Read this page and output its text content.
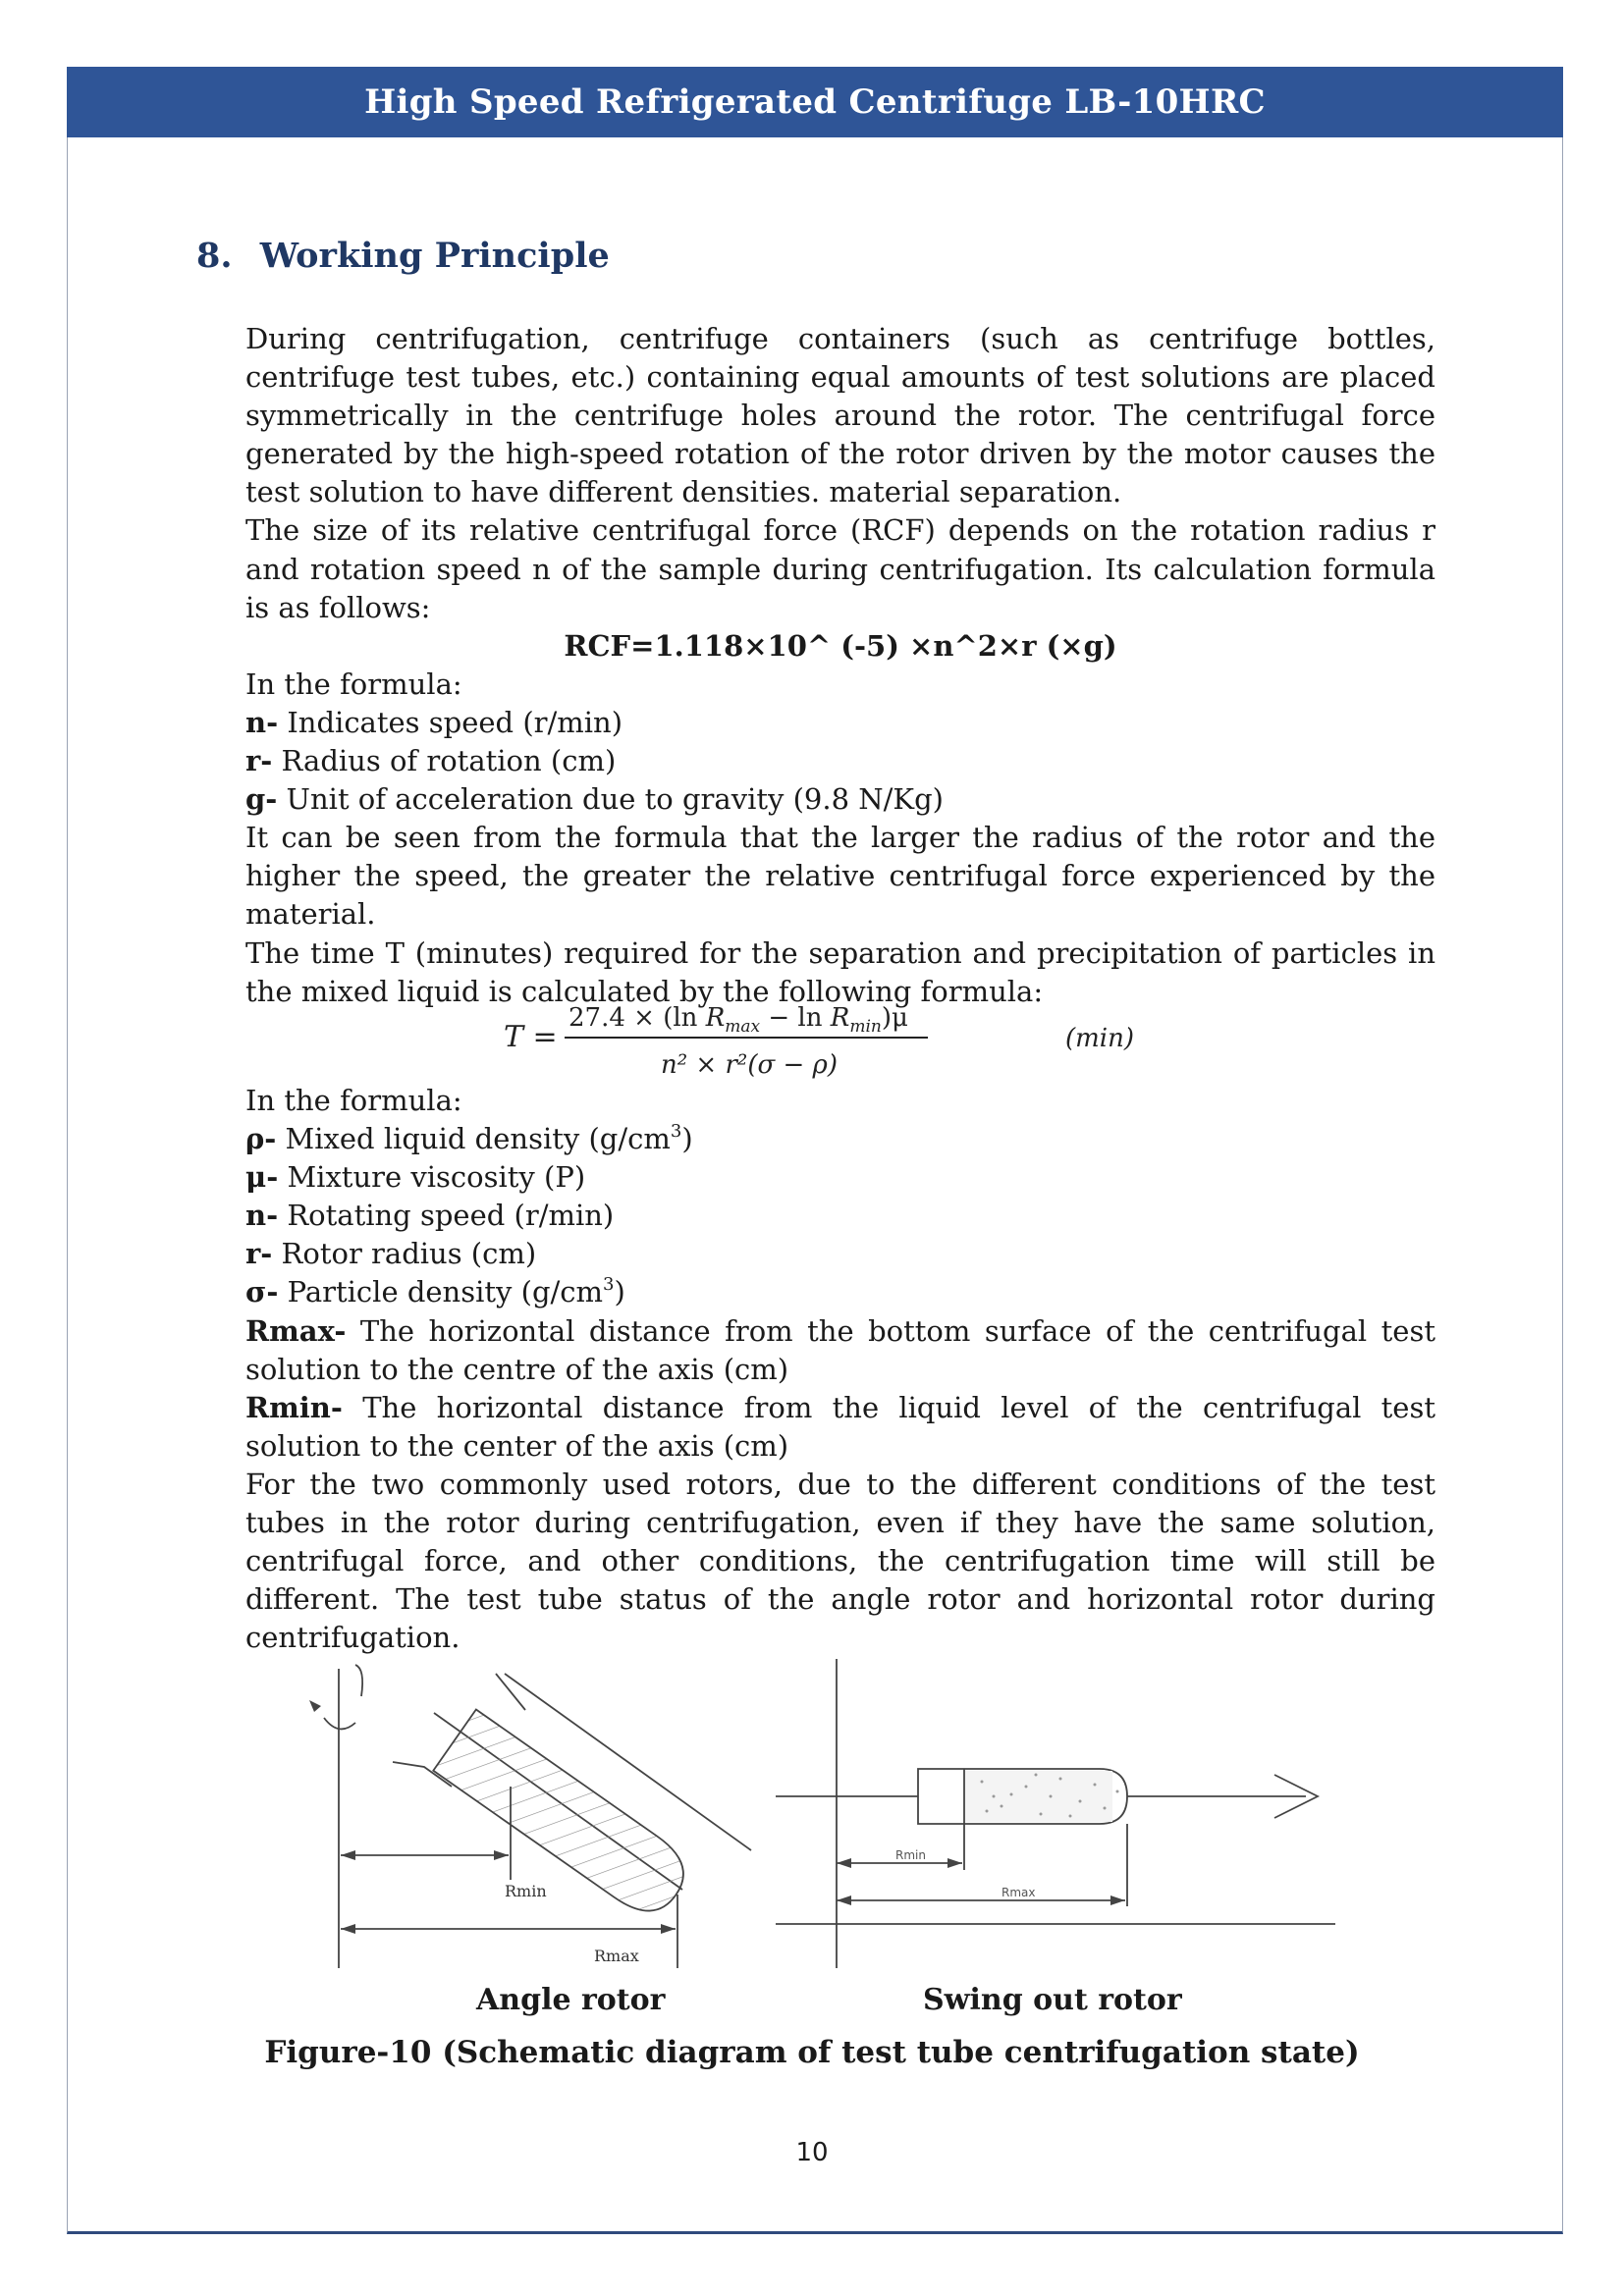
High Speed Refrigerated Centrifuge LB-10HRC
8. Working Principle

During centrifugation, centrifuge containers (such as centrifuge bottles, centrifuge test tubes, etc.) containing equal amounts of test solutions are placed symmetrically in the centrifuge holes around the rotor. The centrifugal force generated by the high-speed rotation of the rotor driven by the motor causes the test solution to have different densities. material separation.

The size of its relative centrifugal force (RCF) depends on the rotation radius r and rotation speed n of the sample during centrifugation. Its calculation formula is as follows:

RCF=1.118×10^ (-5) ×n^2×r (×g)

In the formula:

n- Indicates speed (r/min)

r- Radius of rotation (cm)

g- Unit of acceleration due to gravity (9.8 N/Kg)

It can be seen from the formula that the larger the radius of the rotor and the higher the speed, the greater the relative centrifugal force experienced by the material.

The time T (minutes) required for the separation and precipitation of particles in the mixed liquid is calculated by the following formula:

T =
27.4 × (ln $R_{max} - \ln R_{min})\mu$
n² × r²(σ − ρ)
(min)

In the formula:

ρ- Mixed liquid density $(g/cm^3)$

μ- Mixture viscosity (P)

n- Rotating speed (r/min)

r- Rotor radius (cm)

σ- Particle density $(g/cm^3)$

Rmax- The horizontal distance from the bottom surface of the centrifugal test solution to the centre of the axis (cm)

Rmin- The horizontal distance from the liquid level of the centrifugal test solution to the center of the axis (cm)

For the two commonly used rotors, due to the different conditions of the test tubes in the rotor during centrifugation, even if they have the same solution, centrifugal force, and other conditions, the centrifugation time will still be different. The test tube status of the angle rotor and horizontal rotor during centrifugation.

Rmin
Rmax
Rmin
Rmax
Angle rotor	Swing out rotor
Figure-10 (Schematic diagram of test tube centrifugation state)
10
